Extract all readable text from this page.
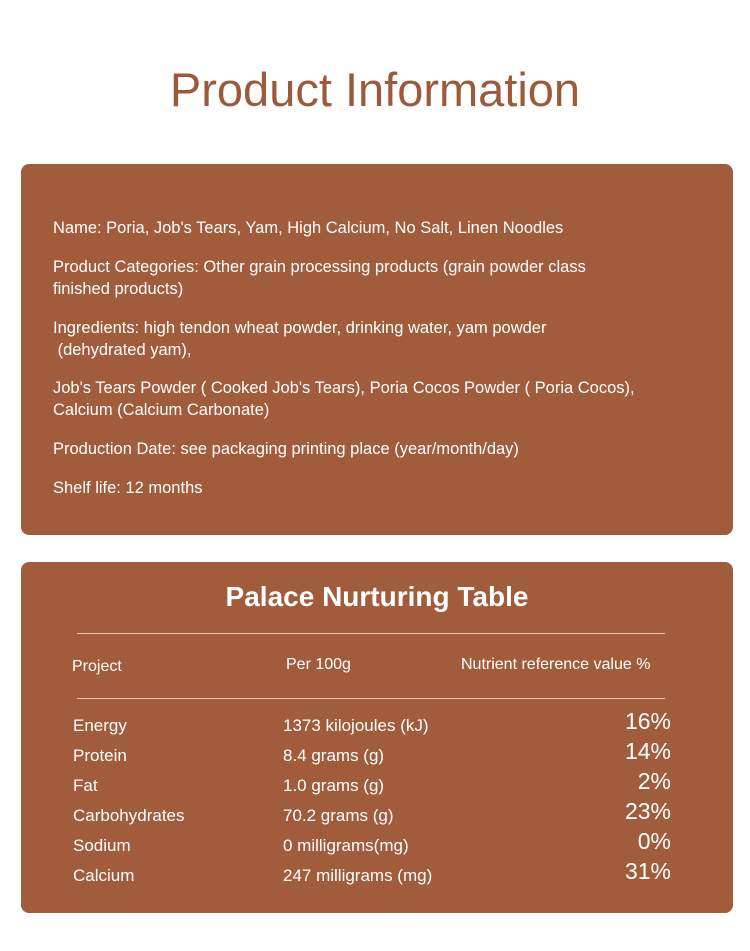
Product Information

Name: Poria, Job's Tears, Yam, High Calcium, No Salt, Linen Noodles

Product Categories: Other grain processing products (grain powder class

finished products)

Ingredients: high tendon wheat powder, drinking water, yam powder

(dehydrated yam),

Job's Tears Powder ( Cooked Job's Tears), Poria Cocos Powder ( Poria Cocos),

Calcium (Calcium Carbonate)

Production Date: see packaging printing place (year/month/day)

Shelf life: 12 months

Palace Nurturing Table
Project	Per 100g	Nutrient reference value %
Energy	1373 kilojoules (kJ)	16%
Protein	8.4 grams (g)	14%
Fat	1.0 grams (g)	2%
Carbohydrates	70.2 grams (g)	23%
Sodium	0 milligrams(mg)	0%
Calcium	247 milligrams (mg)	31%
